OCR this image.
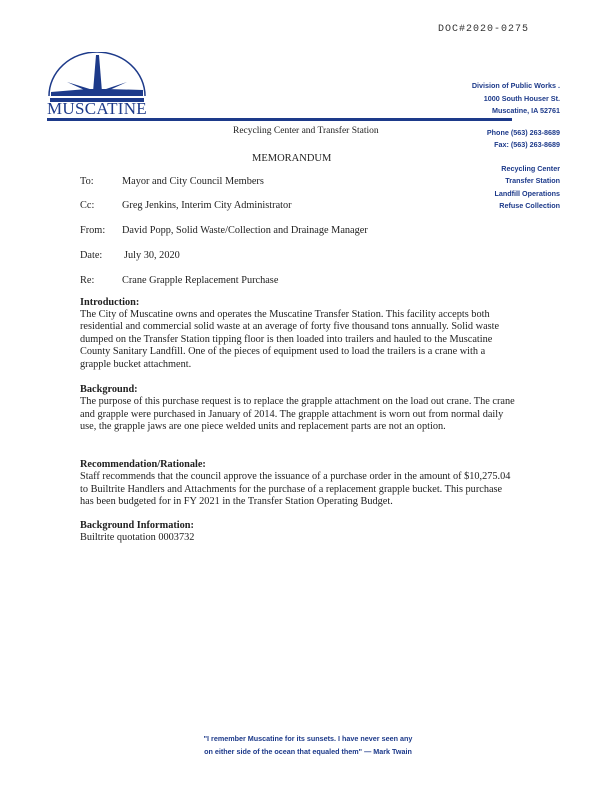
DOC#2020-0275
MUSCATINE
Division of Public Works .
1000 South Houser St.
Muscatine, IA 52761
Phone (563) 263-8689
Fax: (563) 263-8689
Recycling Center
Transfer Station
Landfill Operations
Refuse Collection
Recycling Center and Transfer Station
MEMORANDUM
To:	Mayor and City Council Members
Cc:	Greg Jenkins, Interim City Administrator
From: David Popp, Solid Waste/Collection and Drainage Manager
Date: July 30, 2020
Re:	Crane Grapple Replacement Purchase
Introduction:
The City of Muscatine owns and operates the Muscatine Transfer Station. This facility accepts both
residential and commercial solid waste at an average of forty five thousand tons annually. Solid waste
dumped on the Transfer Station tipping floor is then loaded into trailers and hauled to the Muscatine
County Sanitary Landfill. One of the pieces of equipment used to load the trailers is a crane with a
grapple bucket attachment.
Background:
The purpose of this purchase request is to replace the grapple attachment on the load out crane. The crane
and grapple were purchased in January of 2014. The grapple attachment is worn out from normal daily
use, the grapple jaws are one piece welded units and replacement parts are not an option.
Recommendation/Rationale:
Staff recommends that the council approve the issuance of a purchase order in the amount of $10,275.04
to Builtrite Handlers and Attachments for the purchase of a replacement grapple bucket. This purchase
has been budgeted for in FY 2021 in the Transfer Station Operating Budget.
Background Information:
Builtrite quotation 0003732
"I remember Muscatine for its sunsets. I have never seen any
on either side of the ocean that equaled them" — Mark Twain
